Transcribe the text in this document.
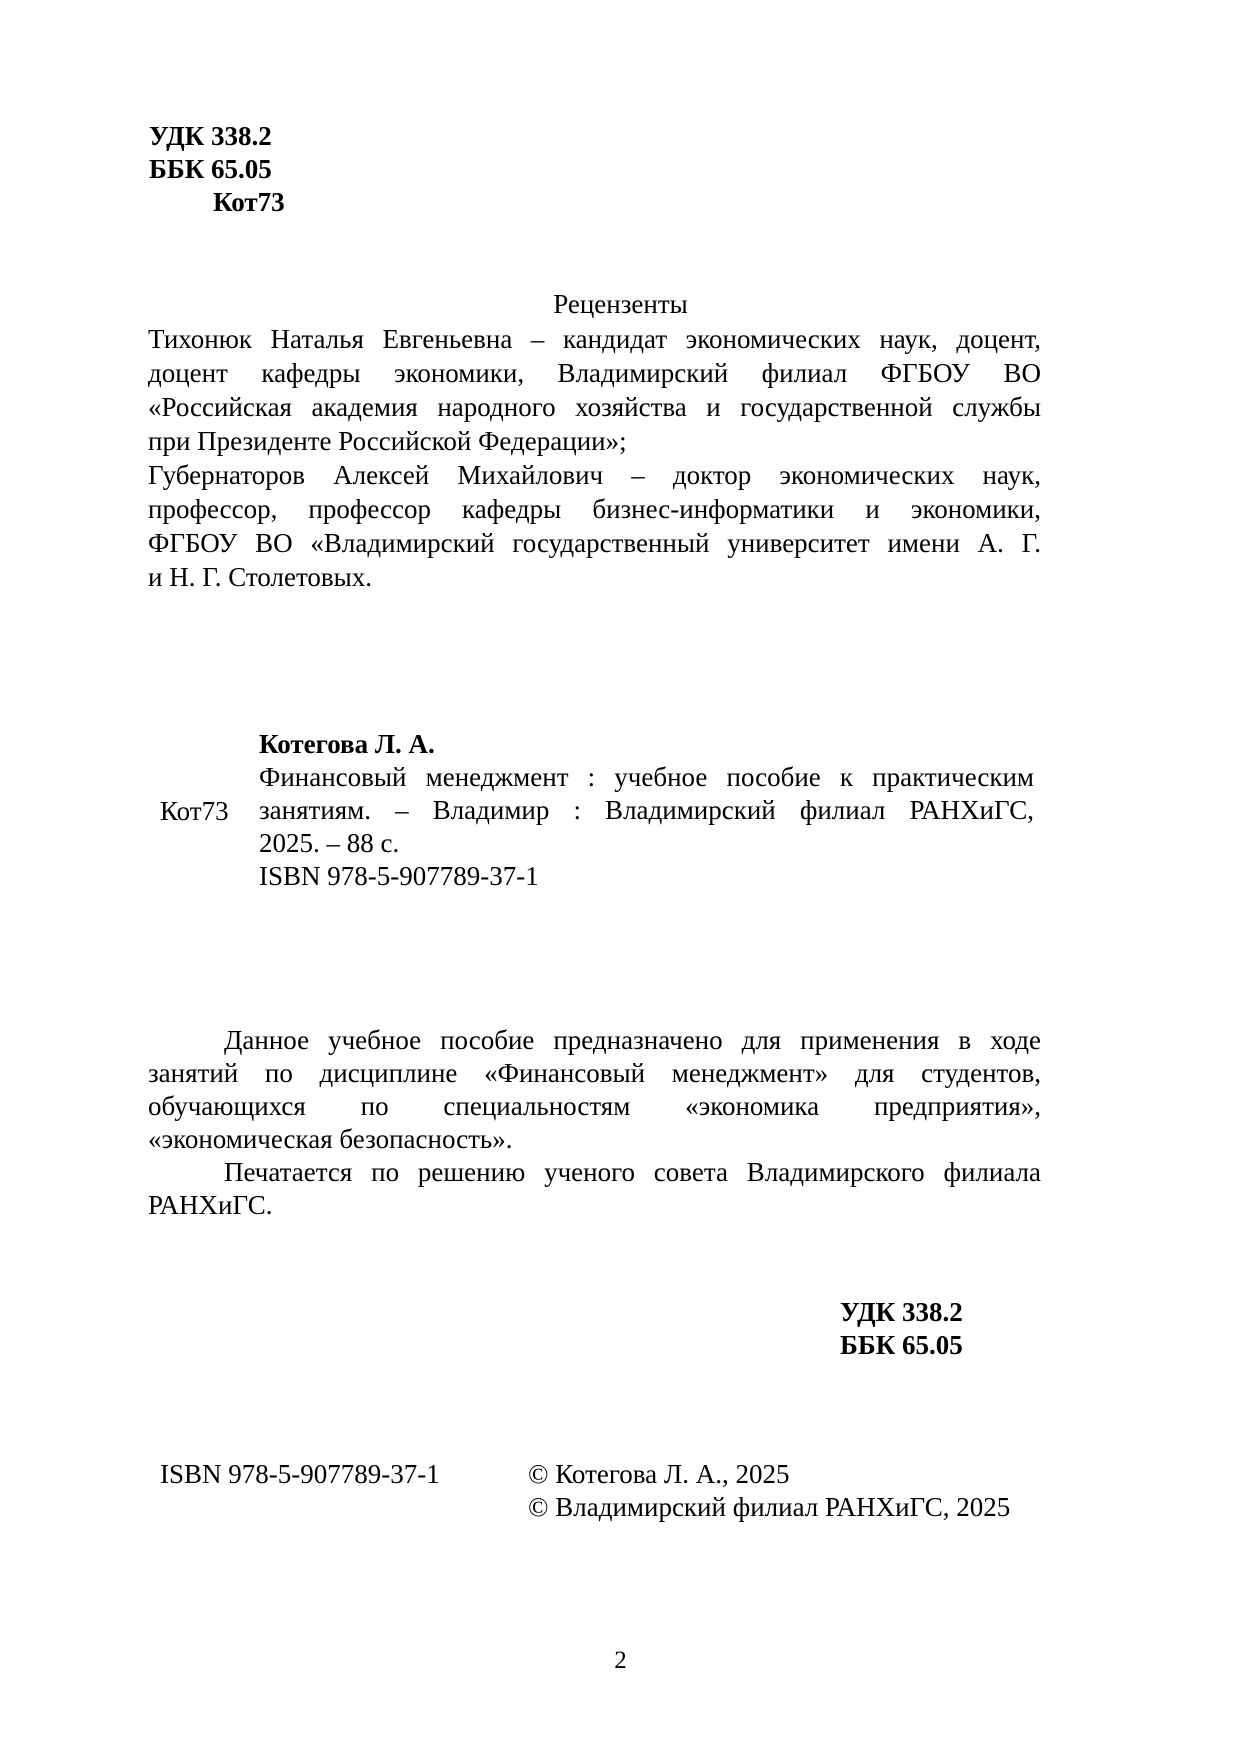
УДК 338.2
ББК 65.05
Кот73
Рецензенты
Тихонюк Наталья Евгеньевна – кандидат экономических наук, доцент,
доцент кафедры экономики, Владимирский филиал ФГБОУ ВО
«Российская академия народного хозяйства и государственной службы
при Президенте Российской Федерации»;
Губернаторов Алексей Михайлович – доктор экономических наук,
профессор, профессор кафедры бизнес-информатики и экономики,
ФГБОУ ВО «Владимирский государственный университет имени А. Г.
и Н. Г. Столетовых.
Кот73
Котегова Л. А.
Финансовый менеджмент : учебное пособие к практическим
занятиям. – Владимир : Владимирский филиал РАНХиГС,
2025. – 88 с.
ISBN 978-5-907789-37-1
Данное учебное пособие предназначено для применения в ходе
занятий по дисциплине «Финансовый менеджмент» для студентов,
обучающихся по специальностям «экономика предприятия»,
«экономическая безопасность».
Печатается по решению ученого совета Владимирского филиала
РАНХиГС.
УДК 338.2
ББК 65.05
ISBN 978-5-907789-37-1	© Котегова Л. А., 2025
© Владимирский филиал РАНХиГС, 2025
2
